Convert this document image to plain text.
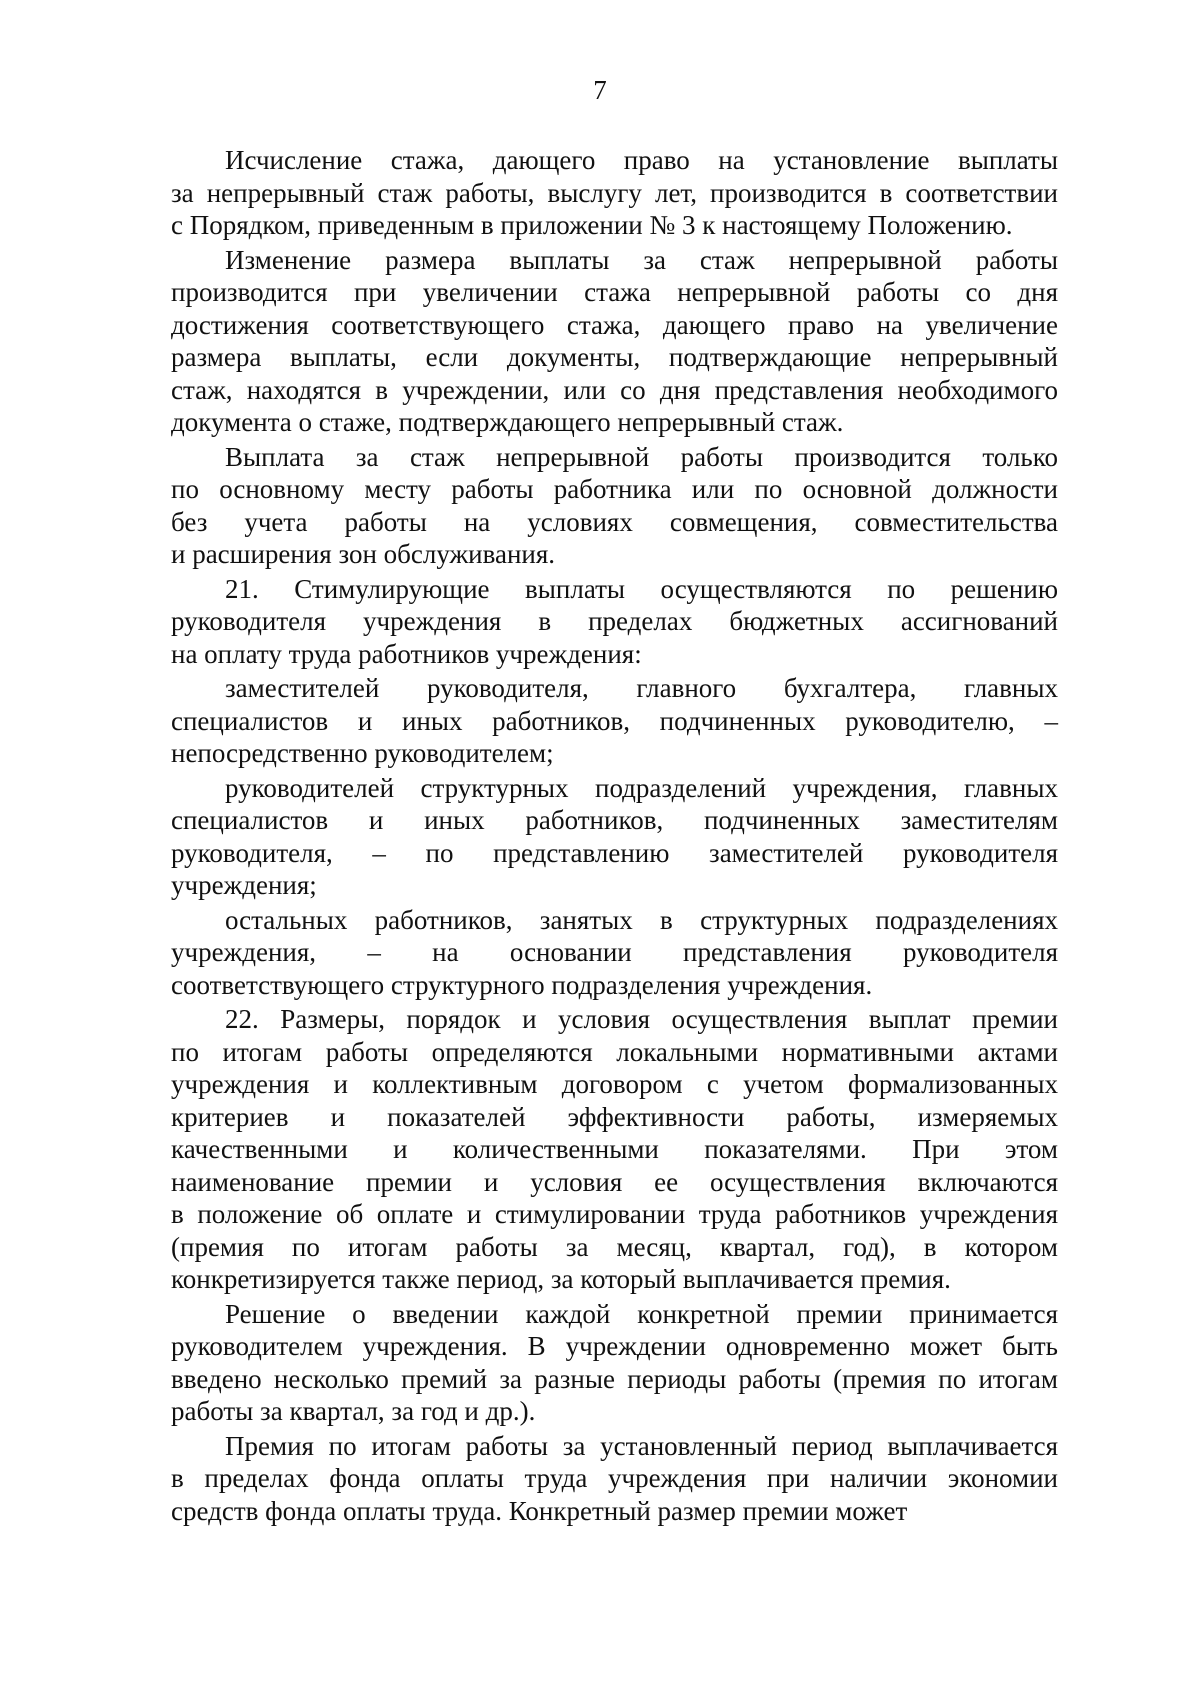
7
Исчисление стажа, дающего право на установление выплаты
за непрерывный стаж работы, выслугу лет, производится в соответствии
с Порядком, приведенным в приложении № 3 к настоящему Положению.
Изменение размера выплаты за стаж непрерывной работы
производится при увеличении стажа непрерывной работы со дня
достижения соответствующего стажа, дающего право на увеличение
размера выплаты, если документы, подтверждающие непрерывный
стаж, находятся в учреждении, или со дня представления необходимого
документа о стаже, подтверждающего непрерывный стаж.
Выплата за стаж непрерывной работы производится только
по основному месту работы работника или по основной должности
без учета работы на условиях совмещения, совместительства
и расширения зон обслуживания.
21. Стимулирующие выплаты осуществляются по решению
руководителя учреждения в пределах бюджетных ассигнований
на оплату труда работников учреждения:
заместителей руководителя, главного бухгалтера, главных
специалистов и иных работников, подчиненных руководителю, –
непосредственно руководителем;
руководителей структурных подразделений учреждения, главных
специалистов и иных работников, подчиненных заместителям
руководителя, – по представлению заместителей руководителя
учреждения;
остальных работников, занятых в структурных подразделениях
учреждения, – на основании представления руководителя
соответствующего структурного подразделения учреждения.
22. Размеры, порядок и условия осуществления выплат премии
по итогам работы определяются локальными нормативными актами
учреждения и коллективным договором с учетом формализованных
критериев и показателей эффективности работы, измеряемых
качественными и количественными показателями. При этом
наименование премии и условия ее осуществления включаются
в положение об оплате и стимулировании труда работников учреждения
(премия по итогам работы за месяц, квартал, год), в котором
конкретизируется также период, за который выплачивается премия.
Решение о введении каждой конкретной премии принимается
руководителем учреждения. В учреждении одновременно может быть
введено несколько премий за разные периоды работы (премия по итогам
работы за квартал, за год и др.).
Премия по итогам работы за установленный период выплачивается
в пределах фонда оплаты труда учреждения при наличии экономии
средств фонда оплаты труда. Конкретный размер премии может
